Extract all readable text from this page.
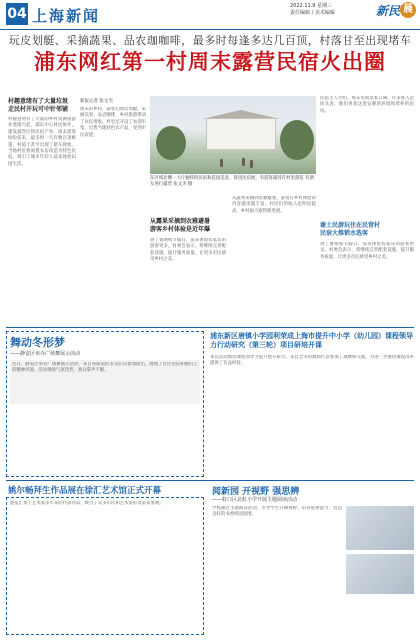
04 上海新闻
2022.11.9 星期三
责任编辑 / 美术编辑	新民 晨
玩皮划艇、采摘蔬果、品农珈咖啡，最多时每逢多达几百顶，村落甘至出现堵车
浦东网红第一村周末露营民宿火出圈
村趣意绪有了大量垃圾
走民村开玩可中针邻铺
村趣意绪有了大量的乡村资源旅游业逐渐兴起，浦东中心村民协作，建设露营区和民宿产业。周末游客纷纷前来，最多时一天有数百顶帐篷，村道上甚至出现了堵车现象。当地村民将闲置农房改造为特色民宿，吸引了城市年轻人前来体验田园生活。
新报记者 张文杰
周末的乡村，游客们划皮划艇、采摘瓜果、品尝咖啡，乡村旅游带动了农民增收。村里还开设了农创市集，出售当地特色农产品，受到市民欢迎。
东区域北侧一大片独特的民宿和花园美景，促进民宿展，有游客露营在村里游览 有朋友进行露营 张文杰 摄
从露果采摘到农雅避暑
游客乡村体验是近年爆
到了暑期和节假日，前来体验农家乐的游客更多。村委会表示，将继续完善配套设施，提升服务质量，让更多市民感受乡村之美。
从露果采摘到农雅避暑，游客在乡村体验的内容越来越丰富，村民们的收入也明显提高，乡村振兴取得新进展。
民宿主人介绍，周末房间基本订满，许多客人是回头客，他们喜欢这里安静的环境和淳朴的民风。
谢土民游玩住在民营村
民宿大推销水选客
到了暑期和节假日，前来体验农家乐的游客更多。村委会表示，将继续完善配套设施，提升服务质量，让更多市民感受乡村之美。
舞动冬形梦
——静安区举办广场舞展示活动
近日，静安区举办广场舞展示活动，来自各街道的多支队伍参加演出，展现了社区居民积极向上的精神风貌。活动现场气氛热烈，观众掌声不断。
浦东新区唐镇小学园利荣成上海市提升中小学（幼儿园）课程领导力行动研究（第三轮）项目研培开课
本次活动围绕课程领导力提升展开研讨，来自全市的教师代表参加了观摩和交流，为进一步推进课程改革提供了有益经验。
姚尔畅拜生作品展在徐汇艺术馆正式开幕
展览汇集了艺术家多年来的代表作品，吸引了众多市民和艺术爱好者前来参观。
阅新园 开视野 强思辨
——虹口区北虹小学开展主题阅读活动
学校通过主题阅读活动，引导学生开阔视野、培养思辨能力，营造良好的书香校园氛围。
